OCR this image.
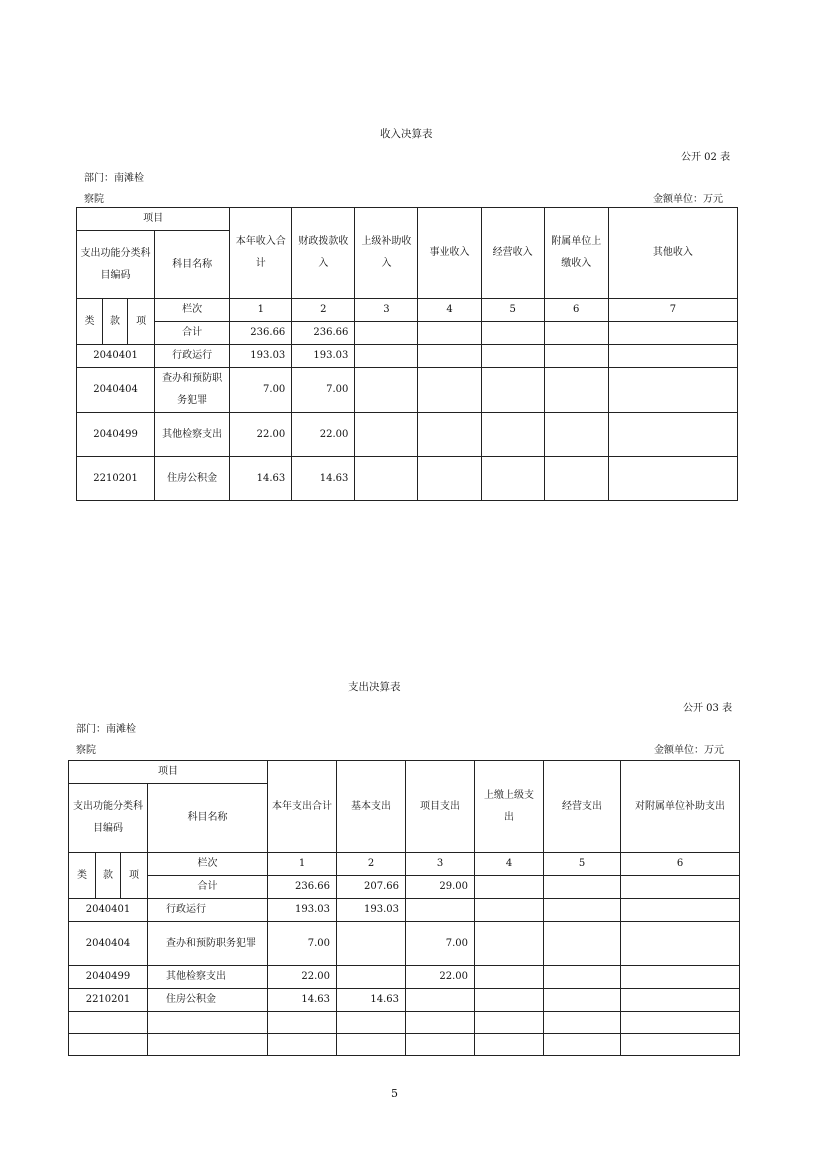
收入决算表
公开 02 表
部门：南滩检
察院	金额单位：万元
项目				本年收入合计	财政拨款收入	上级补助收入	事业收入	经营收入	附属单位上缴收入	其他收入
支出功能分类科目编码			科目名称							
类	款	项	栏次	1	2	3	4	5	6	7
			合计	236.66	236.66					
2040401			行政运行	193.03	193.03					
2040404			查办和预防职务犯罪	7.00	7.00					
2040499			其他检察支出	22.00	22.00					
2210201			住房公积金	14.63	14.63					
支出决算表
公开 03 表
部门：南滩检
察院	金额单位：万元
项目				本年支出合计	基本支出	项目支出	上缴上级支出	经营支出	对附属单位补助支出
支出功能分类科目编码			科目名称						
类	款	项	栏次	1	2	3	4	5	6
			合计	236.66	207.66	29.00			
2040401			行政运行	193.03	193.03				
2040404			查办和预防职务犯罪	7.00		7.00			
2040499			其他检察支出	22.00		22.00			
2210201			住房公积金	14.63	14.63				

5
